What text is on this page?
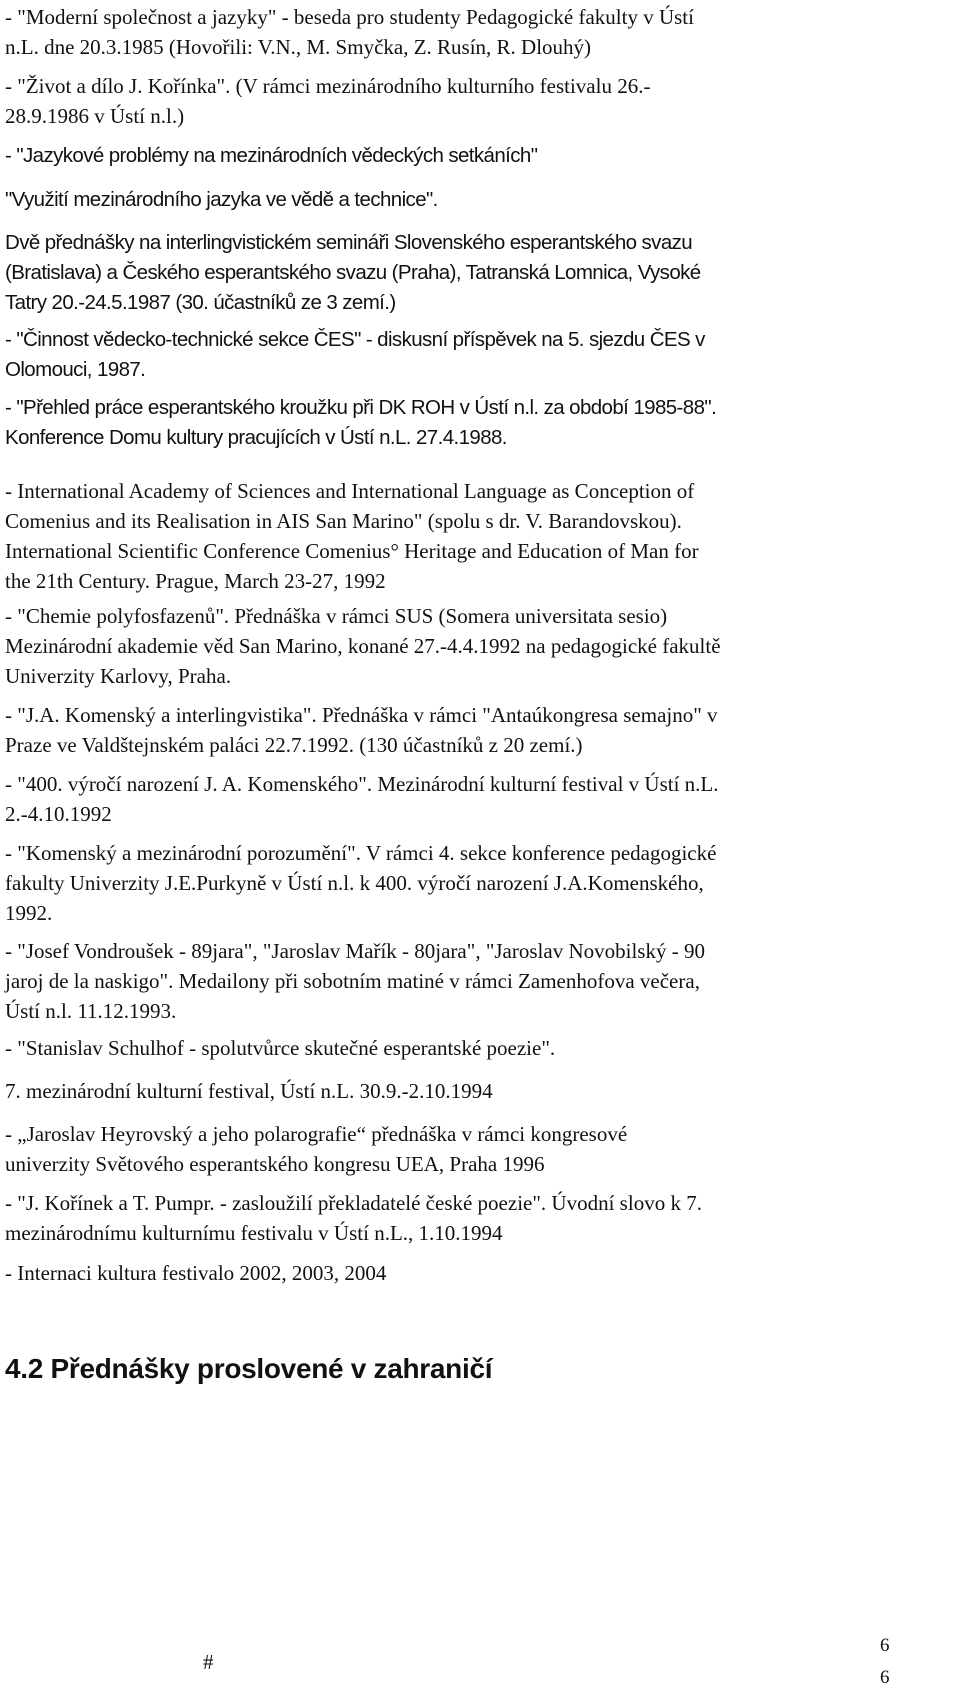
- "Moderní společnost a jazyky" - beseda pro studenty Pedagogické fakulty v Ústí
n.L. dne 20.3.1985 (Hovořili: V.N., M. Smyčka, Z. Rusín, R. Dlouhý)

- "Život a dílo J. Kořínka". (V rámci mezinárodního kulturního festivalu 26.-
28.9.1986 v Ústí n.l.)

- "Jazykové problémy na mezinárodních vědeckých setkáních"

"Využití mezinárodního jazyka ve vědě a technice".

Dvě přednášky na interlingvistickém semináři Slovenského esperantského svazu
(Bratislava) a Českého esperantského svazu (Praha), Tatranská Lomnica, Vysoké
Tatry 20.-24.5.1987 (30. účastníků ze 3 zemí.)

- "Činnost vědecko-technické sekce ČES" - diskusní příspěvek na 5. sjezdu ČES v
Olomouci, 1987.

- "Přehled práce esperantského kroužku při DK ROH v Ústí n.l. za období 1985-88".
Konference Domu kultury pracujících v Ústí n.L. 27.4.1988.

- International Academy of Sciences and International Language as Conception of
Comenius and its Realisation in AIS San Marino" (spolu s dr. V. Barandovskou).
International Scientific Conference Comenius° Heritage and Education of Man for
the 21th Century. Prague, March 23-27, 1992

- "Chemie polyfosfazenů". Přednáška v rámci SUS (Somera universitata sesio)
Mezinárodní akademie věd San Marino, konané 27.-4.4.1992 na pedagogické fakultě
Univerzity Karlovy, Praha.

- "J.A. Komenský a interlingvistika". Přednáška v rámci "Antaúkongresa semajno" v
Praze ve Valdštejnském paláci 22.7.1992. (130 účastníků z 20 zemí.)

- "400. výročí narození J. A. Komenského". Mezinárodní kulturní festival v Ústí n.L.
2.-4.10.1992

- "Komenský a mezinárodní porozumění". V rámci 4. sekce konference pedagogické
fakulty Univerzity J.E.Purkyně v Ústí n.l. k 400. výročí narození J.A.Komenského,
1992.

- "Josef Vondroušek - 89jara", "Jaroslav Mařík - 80jara", "Jaroslav Novobilský - 90
jaroj de la naskigo". Medailony při sobotním matiné v rámci Zamenhofova večera,
Ústí n.l. 11.12.1993.

- "Stanislav Schulhof - spolutvůrce skutečné esperantské poezie".

7. mezinárodní kulturní festival, Ústí n.L. 30.9.-2.10.1994

- „Jaroslav Heyrovský a jeho polarografie“ přednáška v rámci kongresové
univerzity Světového esperantského kongresu UEA, Praha 1996

- "J. Kořínek a T. Pumpr. - zasloužilí překladatelé české poezie". Úvodní slovo k 7.
mezinárodnímu kulturnímu festivalu v Ústí n.L., 1.10.1994

- Internaci kultura festivalo 2002, 2003, 2004

4.2 Přednášky proslovené v zahraničí
#
6
6
